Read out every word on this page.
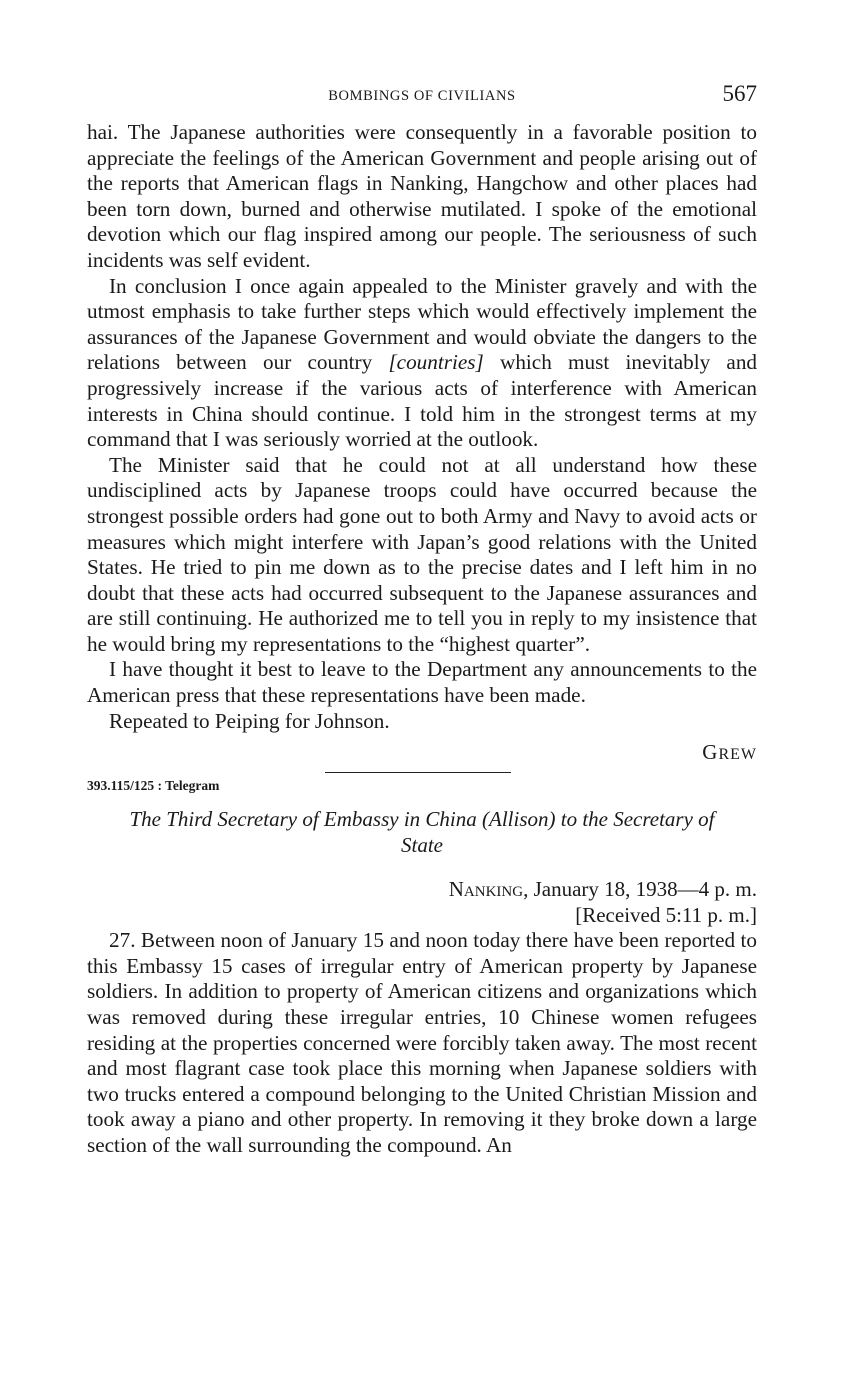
BOMBINGS OF CIVILIANS	567

hai. The Japanese authorities were consequently in a favorable position to appreciate the feelings of the American Government and people arising out of the reports that American flags in Nanking, Hangchow and other places had been torn down, burned and otherwise mutilated. I spoke of the emotional devotion which our flag inspired among our people. The seriousness of such incidents was self evident.

In conclusion I once again appealed to the Minister gravely and with the utmost emphasis to take further steps which would effectively implement the assurances of the Japanese Government and would obviate the dangers to the relations between our country [countries] which must inevitably and progressively increase if the various acts of interference with American interests in China should continue. I told him in the strongest terms at my command that I was seriously worried at the outlook.

The Minister said that he could not at all understand how these undisciplined acts by Japanese troops could have occurred because the strongest possible orders had gone out to both Army and Navy to avoid acts or measures which might interfere with Japan’s good relations with the United States. He tried to pin me down as to the precise dates and I left him in no doubt that these acts had occurred subsequent to the Japanese assurances and are still continuing. He authorized me to tell you in reply to my insistence that he would bring my representations to the “highest quarter”.

I have thought it best to leave to the Department any announcements to the American press that these representations have been made.

Repeated to Peiping for Johnson.

GREW
393.115/125 : Telegram
The Third Secretary of Embassy in China (Allison) to the Secretary of State
Nanking, January 18, 1938—4 p. m.
[Received 5:11 p. m.]

27. Between noon of January 15 and noon today there have been reported to this Embassy 15 cases of irregular entry of American property by Japanese soldiers. In addition to property of American citizens and organizations which was removed during these irregular entries, 10 Chinese women refugees residing at the properties concerned were forcibly taken away. The most recent and most flagrant case took place this morning when Japanese soldiers with two trucks entered a compound belonging to the United Christian Mission and took away a piano and other property. In removing it they broke down a large section of the wall surrounding the compound. An
